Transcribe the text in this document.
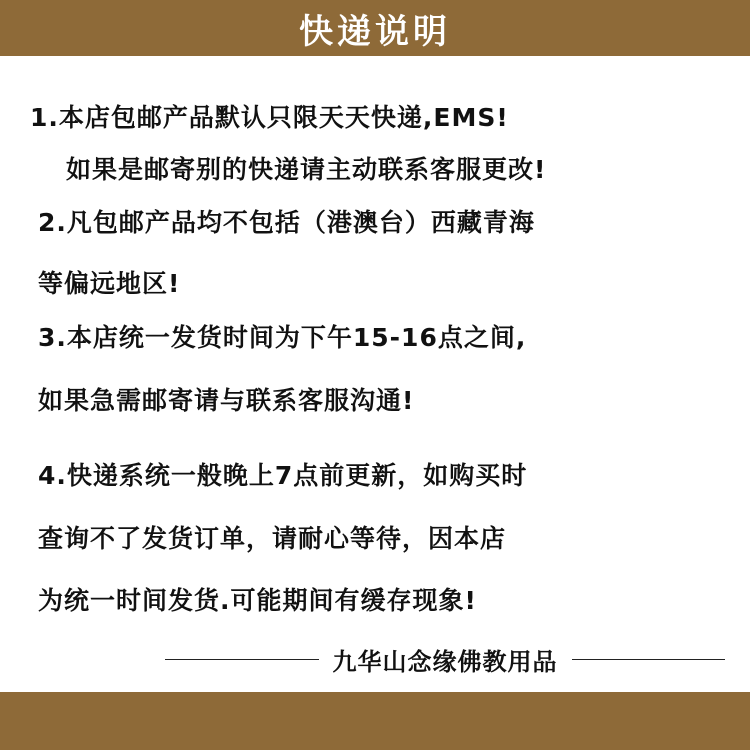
快递说明
1.本店包邮产品默认只限天天快递,EMS!
如果是邮寄别的快递请主动联系客服更改!
2.凡包邮产品均不包括（港澳台）西藏青海
等偏远地区!
3.本店统一发货时间为下午15-16点之间,
如果急需邮寄请与联系客服沟通!
4.快递系统一般晚上7点前更新，如购买时
查询不了发货订单，请耐心等待，因本店
为统一时间发货.可能期间有缓存现象!
九华山念缘佛教用品
